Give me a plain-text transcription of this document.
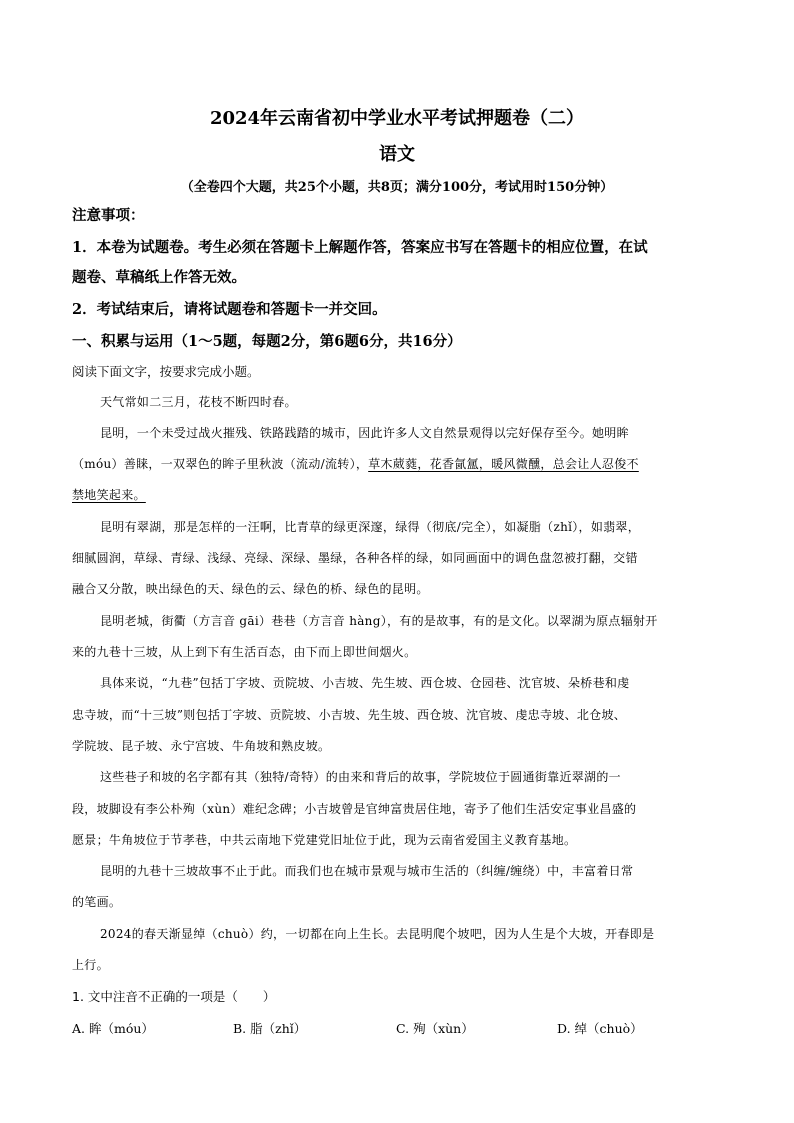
2024年云南省初中学业水平考试押题卷（二）
语文
（全卷四个大题，共25个小题，共8页；满分100分，考试用时150分钟）
注意事项：
1．本卷为试题卷。考生必须在答题卡上解题作答，答案应书写在答题卡的相应位置，在试
题卷、草稿纸上作答无效。
2．考试结束后，请将试题卷和答题卡一并交回。
一、积累与运用（1～5题，每题2分，第6题6分，共16分）
阅读下面文字，按要求完成小题。
天气常如二三月，花枝不断四时春。
昆明，一个未受过战火摧残、铁路践踏的城市，因此许多人文自然景观得以完好保存至今。她明眸
（móu）善睐，一双翠色的眸子里秋波（流动/流转），草木葳蕤，花香氤氲，暖风微醺，总会让人忍俊不
禁地笑起来。
昆明有翠湖，那是怎样的一汪啊，比青草的绿更深邃，绿得（彻底/完全），如凝脂（zhǐ），如翡翠，
细腻圆润，草绿、青绿、浅绿、亮绿、深绿、墨绿，各种各样的绿，如同画面中的调色盘忽被打翻，交错
融合又分散，映出绿色的天、绿色的云、绿色的桥、绿色的昆明。
昆明老城，街衢（方言音 gāi）巷巷（方言音 hàng），有的是故事，有的是文化。以翠湖为原点辐射开
来的九巷十三坡，从上到下有生活百态，由下而上即世间烟火。
具体来说，“九巷”包括丁字坡、贡院坡、小吉坡、先生坡、西仓坡、仓园巷、沈官坡、朵桥巷和虔
忠寺坡，而“十三坡”则包括丁字坡、贡院坡、小吉坡、先生坡、西仓坡、沈官坡、虔忠寺坡、北仓坡、
学院坡、昆子坡、永宁宫坡、牛角坡和熟皮坡。
这些巷子和坡的名字都有其（独特/奇特）的由来和背后的故事，学院坡位于圆通街靠近翠湖的一
段，坡脚设有李公朴殉（xùn）难纪念碑；小吉坡曾是官绅富贵居住地，寄予了他们生活安定事业昌盛的
愿景；牛角坡位于节孝巷，中共云南地下党建党旧址位于此，现为云南省爱国主义教育基地。
昆明的九巷十三坡故事不止于此。而我们也在城市景观与城市生活的（纠缠/缠绕）中，丰富着日常
的笔画。
2024的春天渐显绰（chuò）约，一切都在向上生长。去昆明爬个坡吧，因为人生是个大坡，开春即是
上行。
1. 文中注音不正确的一项是（　　）
A. 眸（móu）	B. 脂（zhǐ）	C. 殉（xùn）	D. 绰（chuò）
